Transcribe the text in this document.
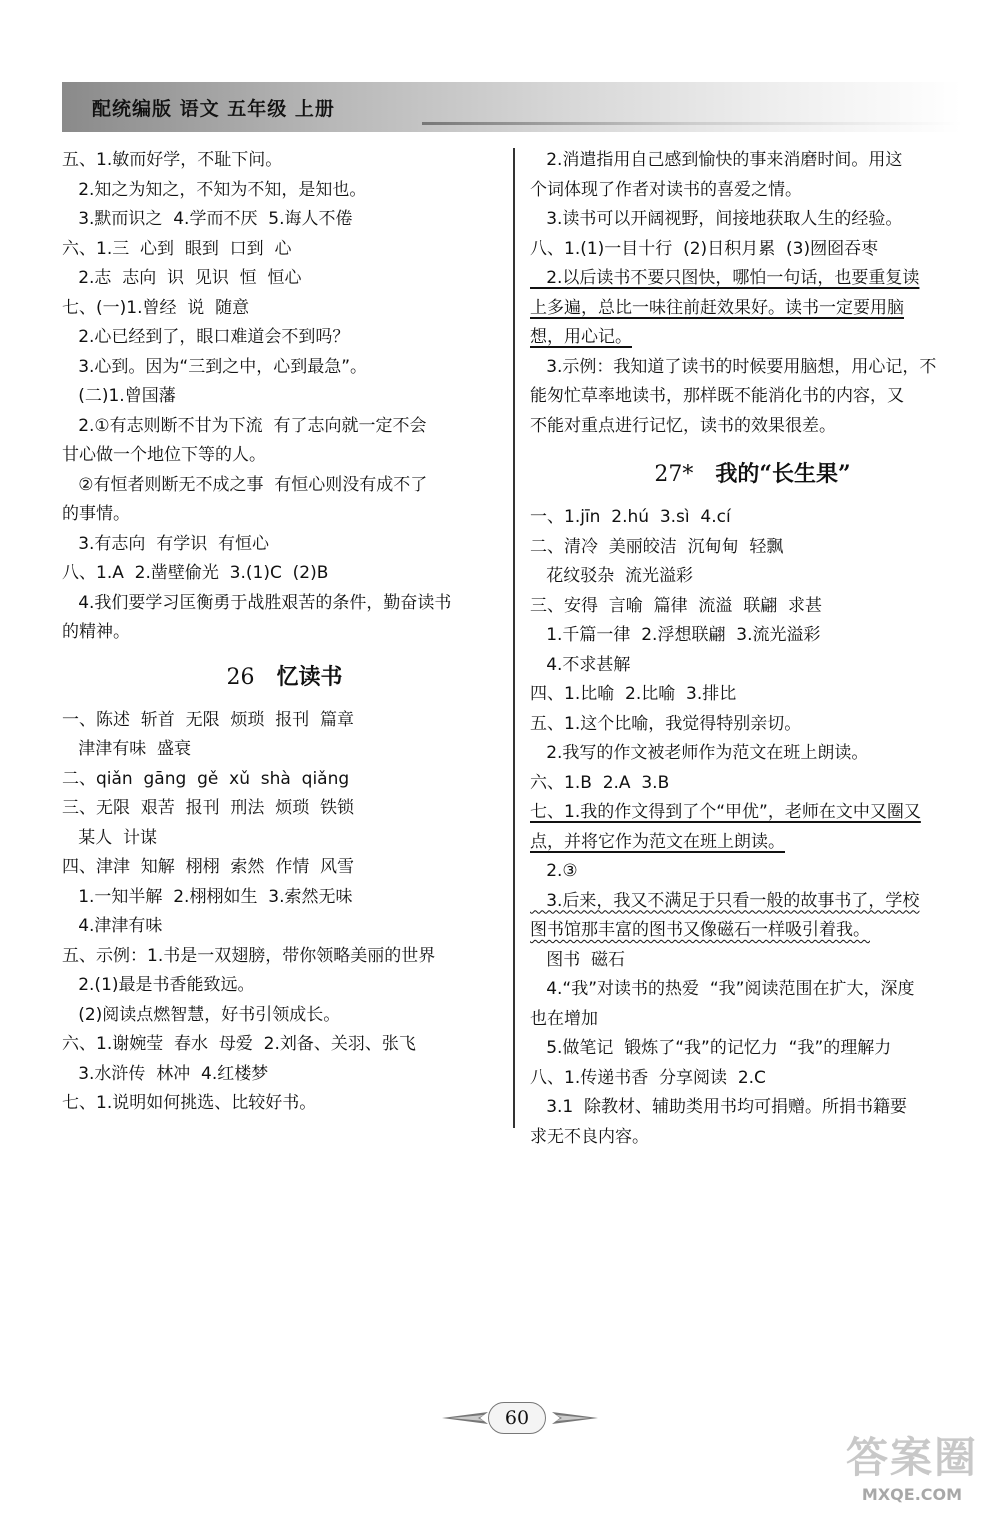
配统编版 语文 五年级 上册
五、1.敏而好学，不耻下问。
2.知之为知之，不知为不知，是知也。
3.默而识之  4.学而不厌  5.诲人不倦
六、1.三  心到  眼到  口到  心
2.志  志向  识  见识  恒  恒心
七、(一)1.曾经  说  随意
2.心已经到了，眼口难道会不到吗？
3.心到。因为“三到之中，心到最急”。
(二)1.曾国藩
2.①有志则断不甘为下流  有了志向就一定不会
甘心做一个地位下等的人。
②有恒者则断无不成之事  有恒心则没有成不了
的事情。
3.有志向  有学识  有恒心
八、1.A  2.凿壁偷光  3.(1)C  (2)B
4.我们要学习匡衡勇于战胜艰苦的条件，勤奋读书
的精神。
26 忆读书
一、陈述  斩首  无限  烦琐  报刊  篇章
津津有味  盛衰
二、qiǎn  gāng  gě  xǔ  shà  qiǎng
三、无限  艰苦  报刊  刑法  烦琐  铁锁
某人  计谋
四、津津  知解  栩栩  索然  作情  风雪
1.一知半解  2.栩栩如生  3.索然无味
4.津津有味
五、示例：1.书是一双翅膀，带你领略美丽的世界
2.(1)最是书香能致远。
(2)阅读点燃智慧，好书引领成长。
六、1.谢婉莹  春水  母爱  2.刘备、关羽、张飞
3.水浒传  林冲  4.红楼梦
七、1.说明如何挑选、比较好书。
2.消遣指用自己感到愉快的事来消磨时间。用这
个词体现了作者对读书的喜爱之情。
3.读书可以开阔视野，间接地获取人生的经验。
八、1.(1)一目十行  (2)日积月累  (3)囫囵吞枣
2.以后读书不要只图快，哪怕一句话，也要重复读
上多遍，总比一味往前赶效果好。读书一定要用脑
想，用心记。
3.示例：我知道了读书的时候要用脑想，用心记，不
能匆忙草率地读书，那样既不能消化书的内容，又
不能对重点进行记忆，读书的效果很差。
27* 我的“长生果”
一、1.jīn  2.hú  3.sì  4.cí
二、清冷  美丽皎洁  沉甸甸  轻飘
花纹驳杂  流光溢彩
三、安得  言喻  篇律  流溢  联翩  求甚
1.千篇一律  2.浮想联翩  3.流光溢彩
4.不求甚解
四、1.比喻  2.比喻  3.排比
五、1.这个比喻，我觉得特别亲切。
2.我写的作文被老师作为范文在班上朗读。
六、1.B  2.A  3.B
七、1.我的作文得到了个“甲优”，老师在文中又圈又
点，并将它作为范文在班上朗读。
2.③
3.后来，我又不满足于只看一般的故事书了，学校
图书馆那丰富的图书又像磁石一样吸引着我。
图书  磁石
4.“我”对读书的热爱  “我”阅读范围在扩大，深度
也在增加
5.做笔记  锻炼了“我”的记忆力  “我”的理解力
八、1.传递书香  分享阅读  2.C
3.1  除教材、辅助类用书均可捐赠。所捐书籍要
求无不良内容。
60
答案圈
MXQE.COM
